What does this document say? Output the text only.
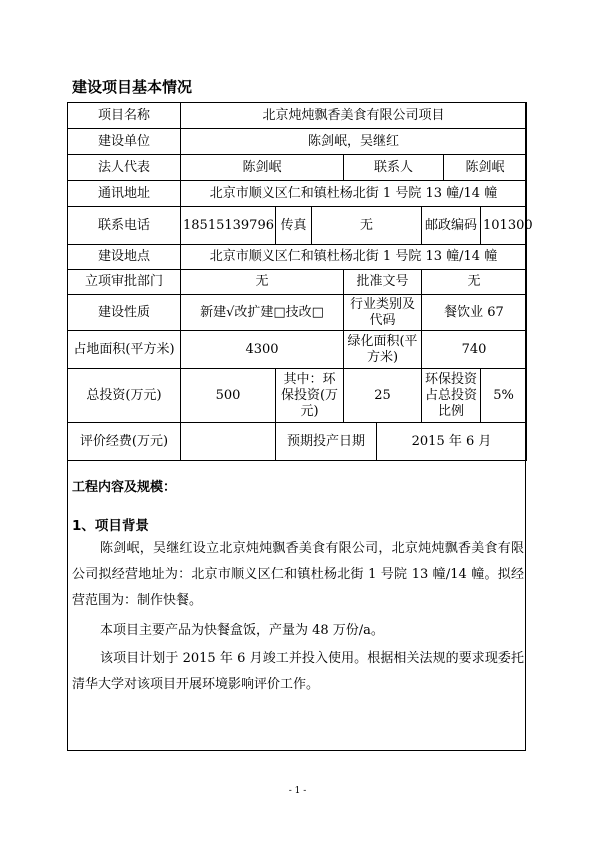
建设项目基本情况
项目名称	北京炖炖飘香美食有限公司项目							
建设单位	陈剑岷，吴继红							
法人代表	陈剑岷			联系人			陈剑岷	
通讯地址	北京市顺义区仁和镇杜杨北街 1 号院 13 幢/14 幢							
联系电话	18515139796	传真	无			邮政编码		101300
建设地点	北京市顺义区仁和镇杜杨北街 1 号院 13 幢/14 幢							
立项审批部门	无			批准文号		无		
建设性质	新建√改扩建□技改□			行业类别及代码		餐饮业 67		
占地面积(平方米)	4300			绿化面积(平方米)		740		
总投资(万元)	500	其中：环保投资(万元)		25		环保投资占总投资比例		5%
评价经费(万元)		预期投产日期			2015 年 6 月			
工程内容及规模：
1、项目背景
陈剑岷，吴继红设立北京炖炖飘香美食有限公司，北京炖炖飘香美食有限公司拟经营地址为：北京市顺义区仁和镇杜杨北街 1 号院 13 幢/14 幢。拟经营范围为：制作快餐。
本项目主要产品为快餐盒饭，产量为 48 万份/a。
该项目计划于 2015 年 6 月竣工并投入使用。根据相关法规的要求现委托清华大学对该项目开展环境影响评价工作。
- 1 -
